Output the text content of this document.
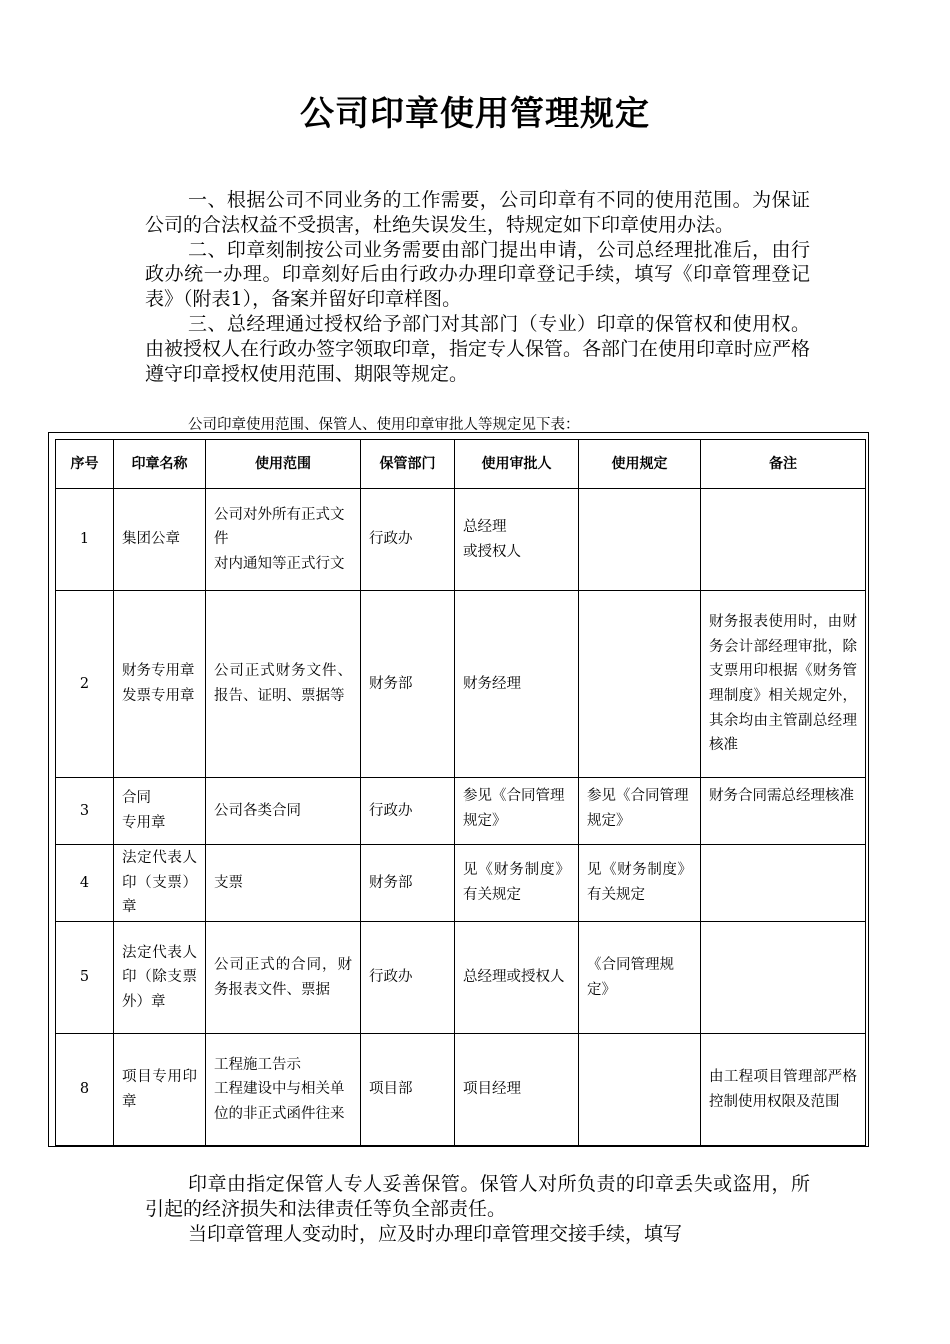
公司印章使用管理规定

一、根据公司不同业务的工作需要，公司印章有不同的使用范围。为保证公司的合法权益不受损害，杜绝失误发生，特规定如下印章使用办法。

二、印章刻制按公司业务需要由部门提出申请，公司总经理批准后，由行政办统一办理。印章刻好后由行政办办理印章登记手续，填写《印章管理登记表》（附表1），备案并留好印章样图。

三、总经理通过授权给予部门对其部门（专业）印章的保管权和使用权。由被授权人在行政办签字领取印章，指定专人保管。各部门在使用印章时应严格遵守印章授权使用范围、期限等规定。

公司印章使用范围、保管人、使用印章审批人等规定见下表：
序号	印章名称	使用范围	保管部门	使用审批人	使用规定	备注
1	集团公章	公司对外所有正式文件
对内通知等正式行文	行政办	总经理
或授权人		
2	财务专用章
发票专用章	公司正式财务文件、报告、证明、票据等	财务部	财务经理		财务报表使用时，由财务会计部经理审批，除支票用印根据《财务管理制度》相关规定外，其余均由主管副总经理核准
3	合同
专用章	公司各类合同	行政办	参见《合同管理规定》	参见《合同管理规定》	财务合同需总经理核准
4	法定代表人印（支票）章	支票	财务部	见《财务制度》有关规定	见《财务制度》有关规定	
5	法定代表人印（除支票外）章	公司正式的合同，财务报表文件、票据	行政办	总经理或授权人	《合同管理规定》	
8	项目专用印章	工程施工告示
工程建设中与相关单位的非正式函件往来	项目部	项目经理		由工程项目管理部严格控制使用权限及范围

印章由指定保管人专人妥善保管。保管人对所负责的印章丢失或盗用，所引起的经济损失和法律责任等负全部责任。

当印章管理人变动时，应及时办理印章管理交接手续，填写
